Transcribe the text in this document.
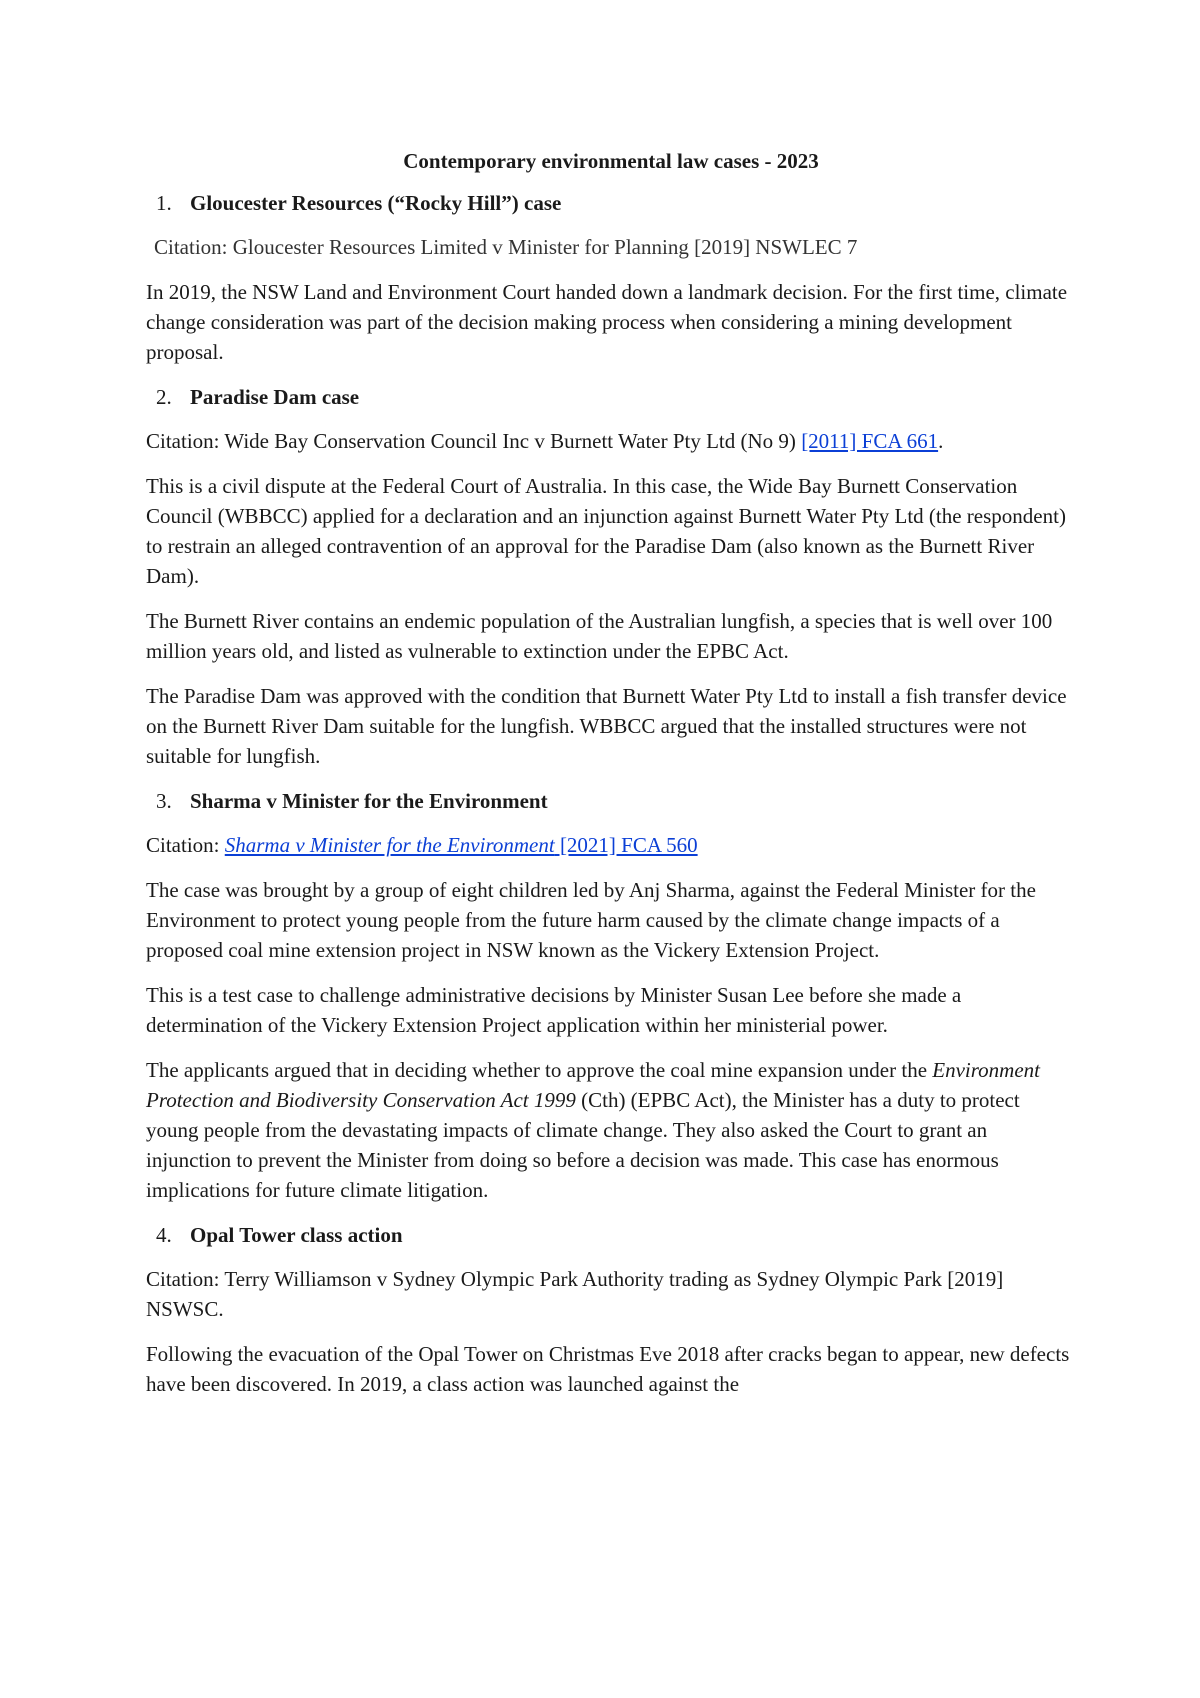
Contemporary environmental law cases - 2023

1. Gloucester Resources (“Rocky Hill”) case

Citation: Gloucester Resources Limited v Minister for Planning [2019] NSWLEC 7

In 2019, the NSW Land and Environment Court handed down a landmark decision. For the first time, climate change consideration was part of the decision making process when considering a mining development proposal.

2. Paradise Dam case

Citation: Wide Bay Conservation Council Inc v Burnett Water Pty Ltd (No 9) [2011] FCA 661.

This is a civil dispute at the Federal Court of Australia. In this case, the Wide Bay Burnett Conservation Council (WBBCC) applied for a declaration and an injunction against Burnett Water Pty Ltd (the respondent) to restrain an alleged contravention of an approval for the Paradise Dam (also known as the Burnett River Dam).

The Burnett River contains an endemic population of the Australian lungfish, a species that is well over 100 million years old, and listed as vulnerable to extinction under the EPBC Act.

The Paradise Dam was approved with the condition that Burnett Water Pty Ltd to install a fish transfer device on the Burnett River Dam suitable for the lungfish. WBBCC argued that the installed structures were not suitable for lungfish.

3. Sharma v Minister for the Environment

Citation: Sharma v Minister for the Environment [2021] FCA 560

The case was brought by a group of eight children led by Anj Sharma, against the Federal Minister for the Environment to protect young people from the future harm caused by the climate change impacts of a proposed coal mine extension project in NSW known as the Vickery Extension Project.

This is a test case to challenge administrative decisions by Minister Susan Lee before she made a determination of the Vickery Extension Project application within her ministerial power.

The applicants argued that in deciding whether to approve the coal mine expansion under the Environment Protection and Biodiversity Conservation Act 1999 (Cth) (EPBC Act), the Minister has a duty to protect young people from the devastating impacts of climate change. They also asked the Court to grant an injunction to prevent the Minister from doing so before a decision was made. This case has enormous implications for future climate litigation.

4. Opal Tower class action

Citation: Terry Williamson v Sydney Olympic Park Authority trading as Sydney Olympic Park [2019] NSWSC.

Following the evacuation of the Opal Tower on Christmas Eve 2018 after cracks began to appear, new defects have been discovered. In 2019, a class action was launched against the
